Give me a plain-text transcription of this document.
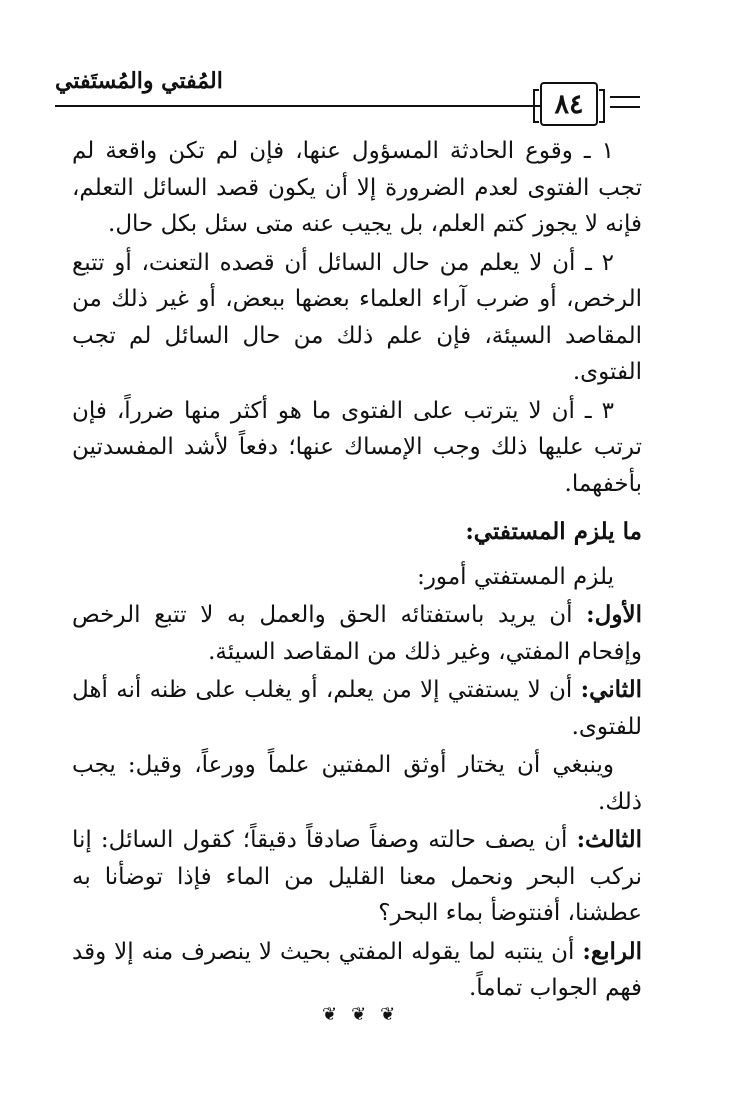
المُفتي والمُستَفتي
٨٤

١ ـ وقوع الحادثة المسؤول عنها، فإن لم تكن واقعة لم تجب الفتوى لعدم الضرورة إلا أن يكون قصد السائل التعلم، فإنه لا يجوز كتم العلم، بل يجيب عنه متى سئل بكل حال.

٢ ـ أن لا يعلم من حال السائل أن قصده التعنت، أو تتبع الرخص، أو ضرب آراء العلماء بعضها ببعض، أو غير ذلك من المقاصد السيئة، فإن علم ذلك من حال السائل لم تجب الفتوى.

٣ ـ أن لا يترتب على الفتوى ما هو أكثر منها ضرراً، فإن ترتب عليها ذلك وجب الإمساك عنها؛ دفعاً لأشد المفسدتين بأخفهما.

ما يلزم المستفتي:

يلزم المستفتي أمور:

الأول: أن يريد باستفتائه الحق والعمل به لا تتبع الرخص وإفحام المفتي، وغير ذلك من المقاصد السيئة.

الثاني: أن لا يستفتي إلا من يعلم، أو يغلب على ظنه أنه أهل للفتوى.

وينبغي أن يختار أوثق المفتين علماً وورعاً، وقيل: يجب ذلك.

الثالث: أن يصف حالته وصفاً صادقاً دقيقاً؛ كقول السائل: إنا نركب البحر ونحمل معنا القليل من الماء فإذا توضأنا به عطشنا، أفنتوضأ بماء البحر؟

الرابع: أن ينتبه لما يقوله المفتي بحيث لا ينصرف منه إلا وقد فهم الجواب تماماً.

❦❦❦
